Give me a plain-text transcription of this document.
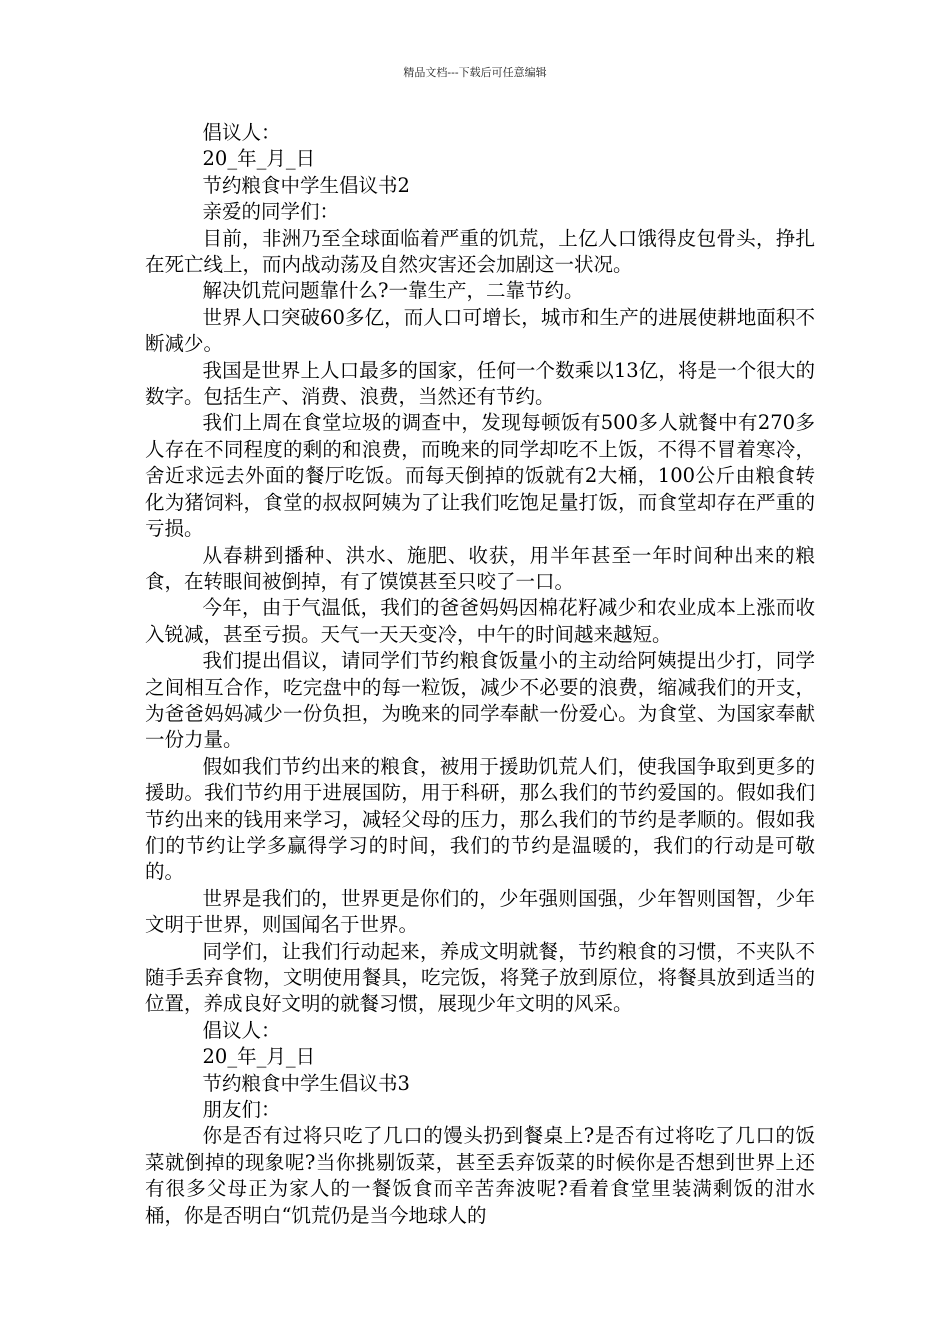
精品文档---下载后可任意编辑

倡议人：

20_年_月_日

节约粮食中学生倡议书2

亲爱的同学们：

目前，非洲乃至全球面临着严重的饥荒，上亿人口饿得皮包骨头，挣扎在死亡线上，而内战动荡及自然灾害还会加剧这一状况。

解决饥荒问题靠什么?一靠生产，二靠节约。

世界人口突破60多亿，而人口可增长，城市和生产的进展使耕地面积不断减少。

我国是世界上人口最多的国家，任何一个数乘以13亿，将是一个很大的数字。包括生产、消费、浪费，当然还有节约。

我们上周在食堂垃圾的调查中，发现每顿饭有500多人就餐中有270多人存在不同程度的剩的和浪费，而晚来的同学却吃不上饭，不得不冒着寒冷，舍近求远去外面的餐厅吃饭。而每天倒掉的饭就有2大桶，100公斤由粮食转化为猪饲料，食堂的叔叔阿姨为了让我们吃饱足量打饭，而食堂却存在严重的亏损。

从春耕到播种、洪水、施肥、收获，用半年甚至一年时间种出来的粮食，在转眼间被倒掉，有了馍馍甚至只咬了一口。

今年，由于气温低，我们的爸爸妈妈因棉花籽减少和农业成本上涨而收入锐减，甚至亏损。天气一天天变冷，中午的时间越来越短。

我们提出倡议，请同学们节约粮食饭量小的主动给阿姨提出少打，同学之间相互合作，吃完盘中的每一粒饭，减少不必要的浪费，缩减我们的开支，为爸爸妈妈减少一份负担，为晚来的同学奉献一份爱心。为食堂、为国家奉献一份力量。

假如我们节约出来的粮食，被用于援助饥荒人们，使我国争取到更多的援助。我们节约用于进展国防，用于科研，那么我们的节约爱国的。假如我们节约出来的钱用来学习，减轻父母的压力，那么我们的节约是孝顺的。假如我们的节约让学多赢得学习的时间，我们的节约是温暖的，我们的行动是可敬的。

世界是我们的，世界更是你们的，少年强则国强，少年智则国智，少年文明于世界，则国闻名于世界。

同学们，让我们行动起来，养成文明就餐，节约粮食的习惯，不夹队不随手丢弃食物，文明使用餐具，吃完饭，将凳子放到原位，将餐具放到适当的位置，养成良好文明的就餐习惯，展现少年文明的风采。

倡议人：

20_年_月_日

节约粮食中学生倡议书3

朋友们：

你是否有过将只吃了几口的馒头扔到餐桌上?是否有过将吃了几口的饭菜就倒掉的现象呢?当你挑剔饭菜，甚至丢弃饭菜的时候你是否想到世界上还有很多父母正为家人的一餐饭食而辛苦奔波呢?看着食堂里装满剩饭的泔水桶，你是否明白“饥荒仍是当今地球人的
